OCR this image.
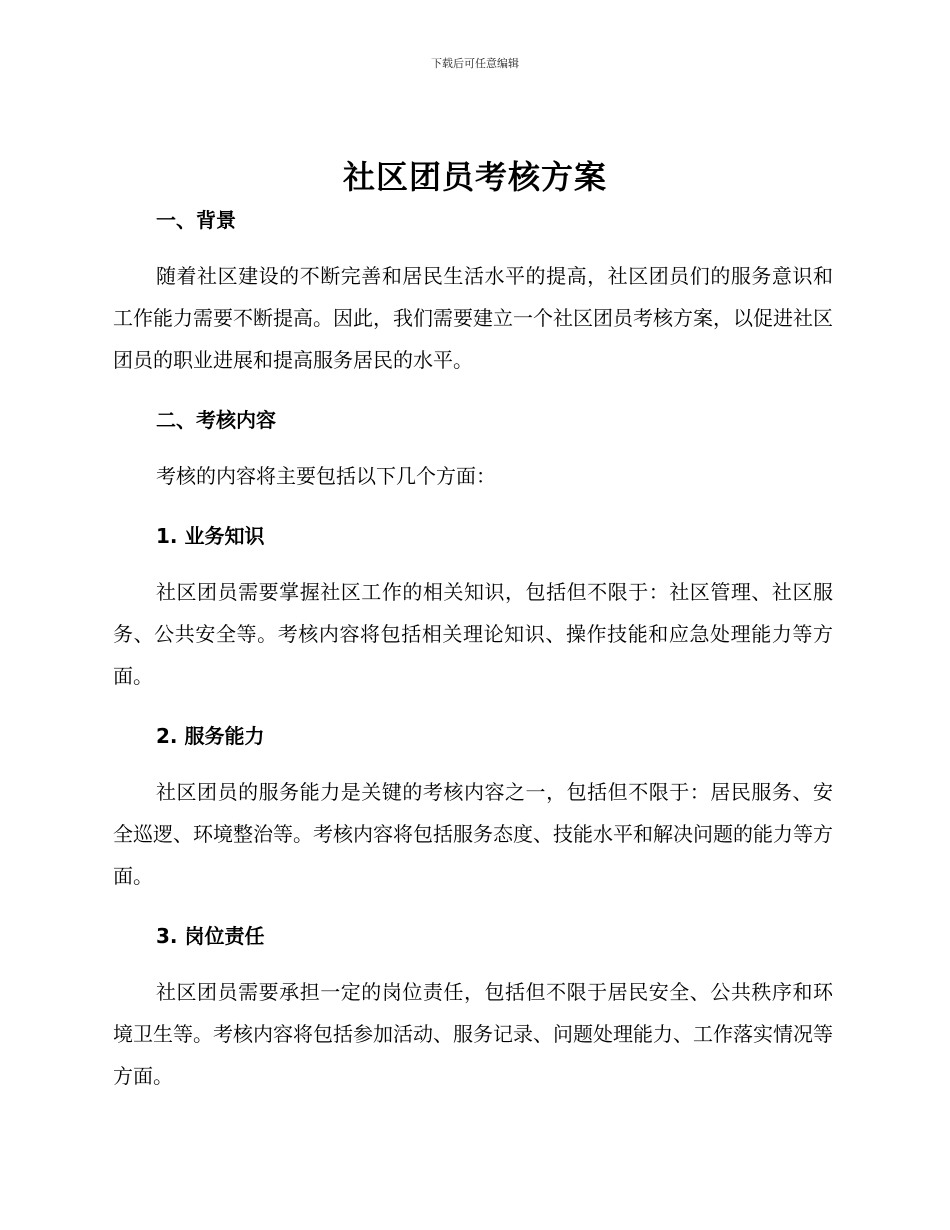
下载后可任意编辑
社区团员考核方案
一、背景

随着社区建设的不断完善和居民生活水平的提高，社区团员们的服务意识和工作能力需要不断提高。因此，我们需要建立一个社区团员考核方案，以促进社区团员的职业进展和提高服务居民的水平。

二、考核内容

考核的内容将主要包括以下几个方面：

1. 业务知识

社区团员需要掌握社区工作的相关知识，包括但不限于：社区管理、社区服务、公共安全等。考核内容将包括相关理论知识、操作技能和应急处理能力等方面。

2. 服务能力

社区团员的服务能力是关键的考核内容之一，包括但不限于：居民服务、安全巡逻、环境整治等。考核内容将包括服务态度、技能水平和解决问题的能力等方面。

3. 岗位责任

社区团员需要承担一定的岗位责任，包括但不限于居民安全、公共秩序和环境卫生等。考核内容将包括参加活动、服务记录、问题处理能力、工作落实情况等方面。
